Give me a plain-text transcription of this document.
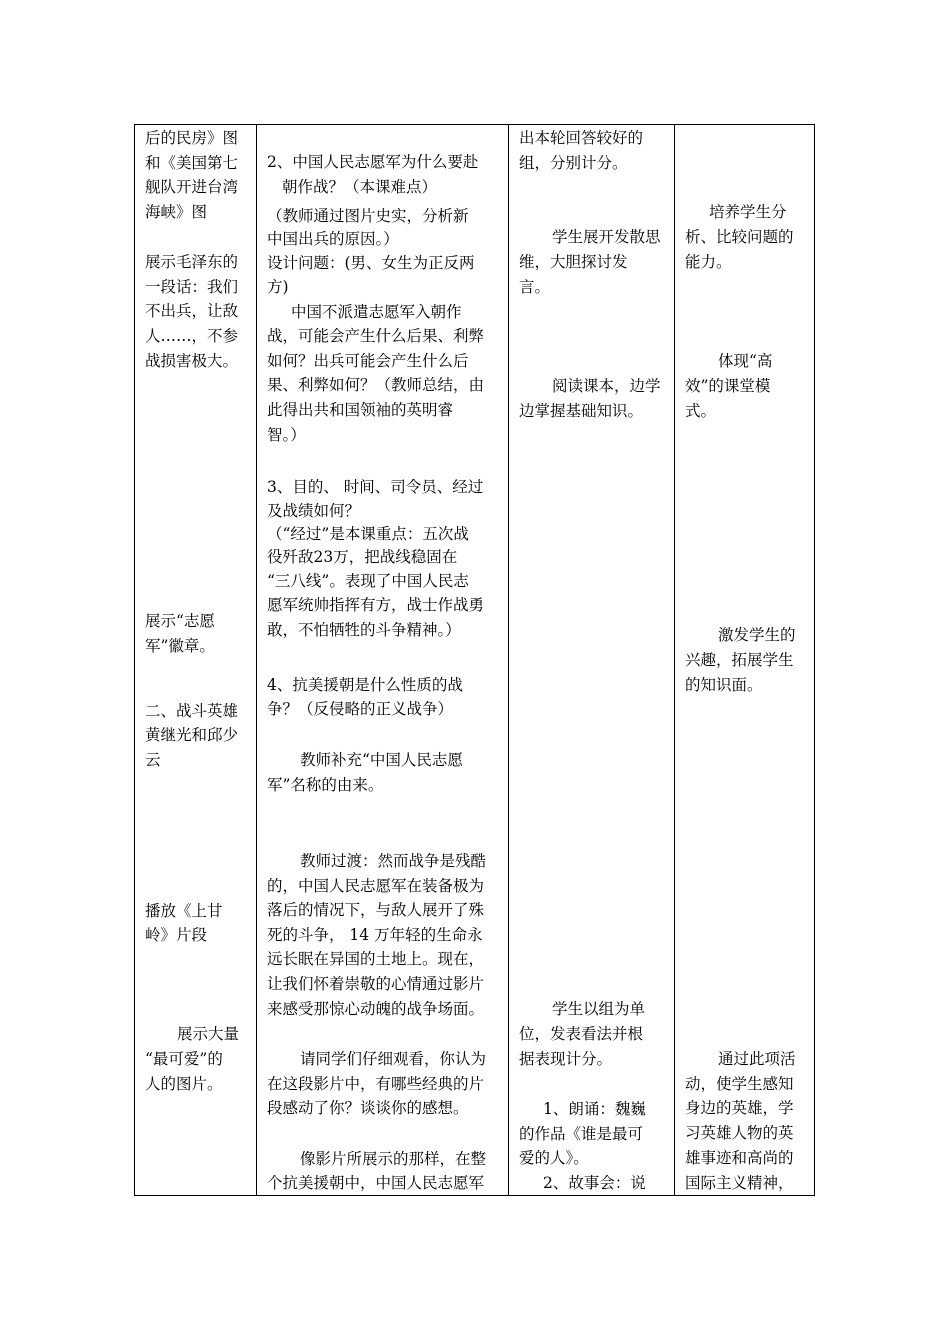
后的民房》图

和《美国第七

舰队开进台湾

海峡》图

展示毛泽东的

一段话：我们

不出兵，让敌

人……，不参

战损害极大。

展示“志愿

军”徽章。

二、战斗英雄

黄继光和邱少

云

播放《上甘

岭》片段

展示大量

“最可爱”的

人的图片。

2、中国人民志愿军为什么要赴

朝作战？（本课难点）

（教师通过图片史实，分析新

中国出兵的原因。）

设计问题：(男、女生为正反两

方)

中国不派遣志愿军入朝作

战，可能会产生什么后果、利弊

如何？出兵可能会产生什么后

果、利弊如何？（教师总结，由

此得出共和国领袖的英明睿

智。）

3、目的、 时间、司令员、经过

及战绩如何？

（“经过”是本课重点：五次战

役歼敌23万，把战线稳固在

“三八线”。表现了中国人民志

愿军统帅指挥有方，战士作战勇

敢，不怕牺牲的斗争精神。）

4、抗美援朝是什么性质的战

争？（反侵略的正义战争）

教师补充“中国人民志愿

军”名称的由来。

教师过渡：然而战争是残酷

的，中国人民志愿军在装备极为

落后的情况下，与敌人展开了殊

死的斗争， 14 万年轻的生命永

远长眠在异国的土地上。现在，

让我们怀着崇敬的心情通过影片

来感受那惊心动魄的战争场面。

请同学们仔细观看，你认为

在这段影片中，有哪些经典的片

段感动了你？谈谈你的感想。

像影片所展示的那样，在整

个抗美援朝中，中国人民志愿军

出本轮回答较好的

组，分别计分。

学生展开发散思

维，大胆探讨发

言。

阅读课本，边学

边掌握基础知识。

学生以组为单

位，发表看法并根

据表现计分。

1、朗诵：魏巍

的作品《谁是最可

爱的人》。

2、故事会：说

培养学生分

析、比较问题的

能力。

体现“高

效”的课堂模

式。

激发学生的

兴趣，拓展学生

的知识面。

通过此项活

动，使学生感知

身边的英雄，学

习英雄人物的英

雄事迹和高尚的

国际主义精神，
